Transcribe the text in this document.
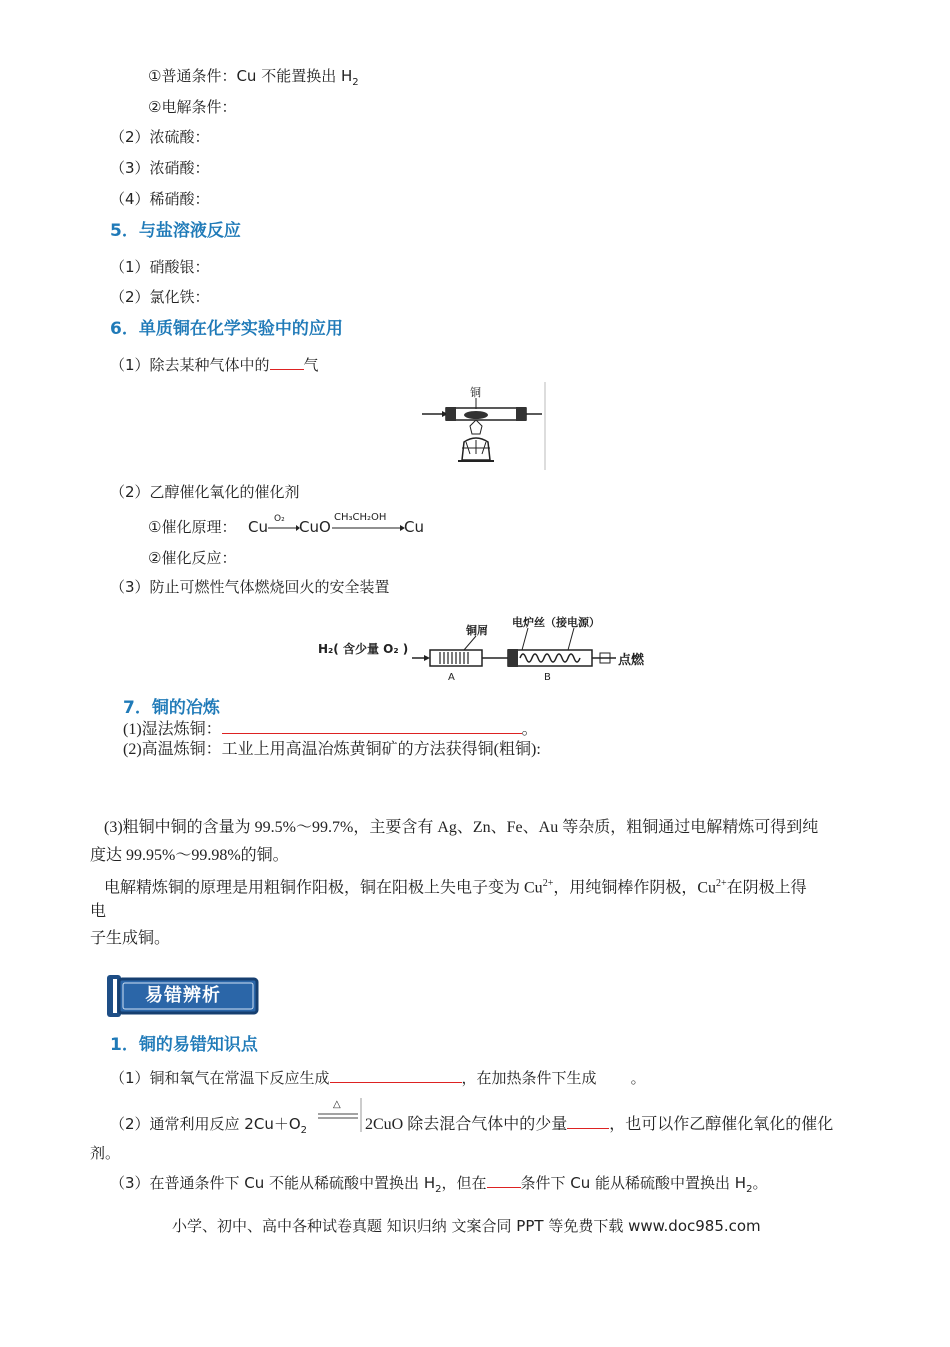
①普通条件：Cu 不能置换出 $H_2$
②电解条件：
（2）浓硫酸：
（3）浓硝酸：
（4）稀硝酸：
5．与盐溶液反应
（1）硝酸银：
（2）氯化铁：
6．单质铜在化学实验中的应用
（1）除去某种气体中的 气
铜
（2）乙醇催化氧化的催化剂
①催化原理： Cu O₂ CuO
CH₃CH₂OH
Cu
②催化反应：
（3）防止可燃性气体燃烧回火的安全装置
H₂( 含少量 O₂ )
铜屑
A
电炉丝（接电源）
B
点燃
7．铜的冶炼
(1)湿法炼铜：	。
(2)高温炼铜：工业上用高温冶炼黄铜矿的方法获得铜(粗铜):
(3)粗铜中铜的含量为 99.5%～99.7%，主要含有 Ag、Zn、Fe、Au 等杂质，粗铜通过电解精炼可得到纯
度达 99.95%～99.98%的铜。
电解精炼铜的原理是用粗铜作阳极，铜在阳极上失电子变为 $Cu^{2+}$，用纯铜棒作阴极，$Cu^{2+}$在阴极上得
电
子生成铜。
易错辨析
1．铜的易错知识点
（1）铜和氧气在常温下反应生成	，在加热条件下生成 。
（2）通常利用反应 $2Cu+O_2$
△
2CuO 除去混合气体中的少量	，也可以作乙醇催化氧化的催化
剂。
（3）在普通条件下 Cu 不能从稀硫酸中置换出 $H_2$，但在 条件下 Cu 能从稀硫酸中置换出 $H_2$。
小学、初中、高中各种试卷真题 知识归纳 文案合同 PPT 等免费下载 www.doc985.com
